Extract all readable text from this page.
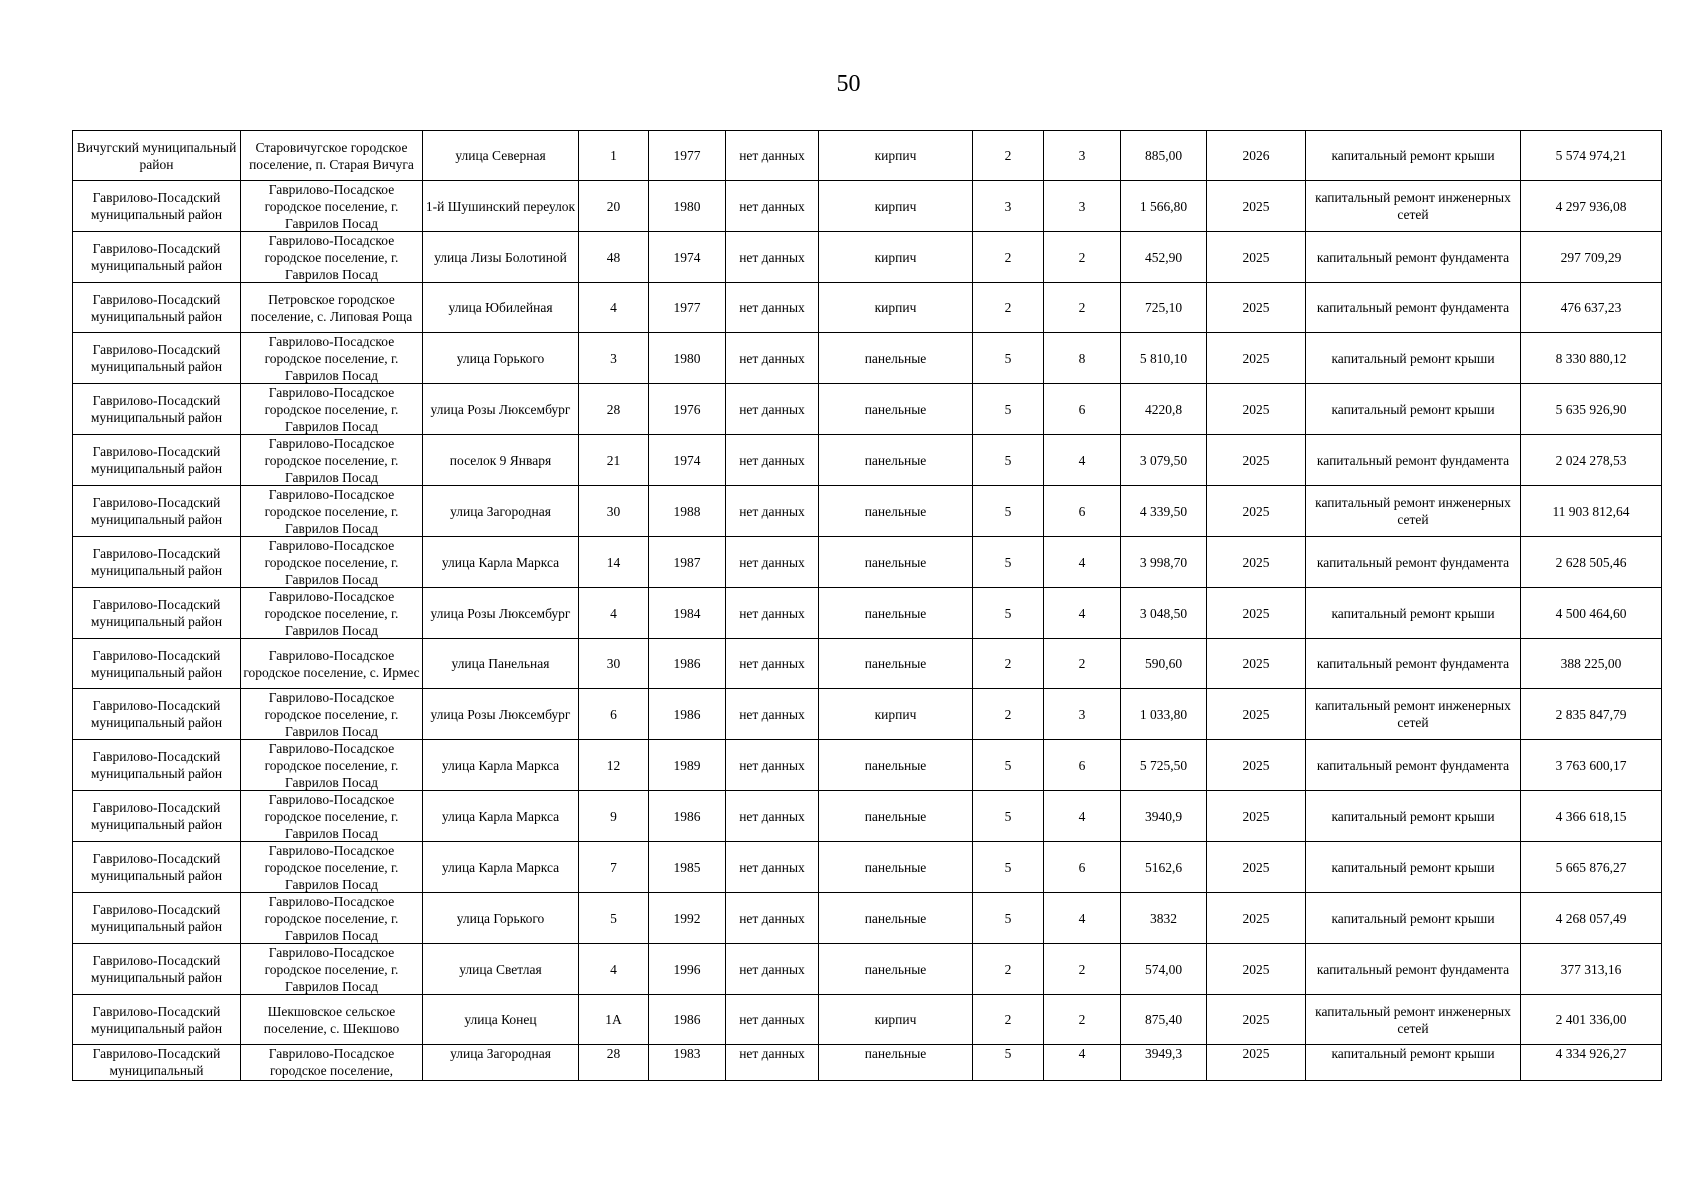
50
Вичугский муниципальный район	Старовичугское городское поселение, п. Старая Вичуга	улица Северная	1	1977	нет данных	кирпич	2	3	885,00	2026	капитальный ремонт крыши	5 574 974,21

Гаврилово-Посадский муниципальный район	Гаврилово-Посадское городское поселение, г. Гаврилов Посад	1-й Шушинский переулок	20	1980	нет данных	кирпич	3	3	1 566,80	2025	капитальный ремонт инженерных сетей	4 297 936,08

Гаврилово-Посадский муниципальный район	Гаврилово-Посадское городское поселение, г. Гаврилов Посад	улица Лизы Болотиной	48	1974	нет данных	кирпич	2	2	452,90	2025	капитальный ремонт фундамента	297 709,29

Гаврилово-Посадский муниципальный район	Петровское городское поселение, с. Липовая Роща	улица Юбилейная	4	1977	нет данных	кирпич	2	2	725,10	2025	капитальный ремонт фундамента	476 637,23

Гаврилово-Посадский муниципальный район	Гаврилово-Посадское городское поселение, г. Гаврилов Посад	улица Горького	3	1980	нет данных	панельные	5	8	5 810,10	2025	капитальный ремонт крыши	8 330 880,12

Гаврилово-Посадский муниципальный район	Гаврилово-Посадское городское поселение, г. Гаврилов Посад	улица Розы Люксембург	28	1976	нет данных	панельные	5	6	4220,8	2025	капитальный ремонт крыши	5 635 926,90

Гаврилово-Посадский муниципальный район	Гаврилово-Посадское городское поселение, г. Гаврилов Посад	поселок 9 Января	21	1974	нет данных	панельные	5	4	3 079,50	2025	капитальный ремонт фундамента	2 024 278,53

Гаврилово-Посадский муниципальный район	Гаврилово-Посадское городское поселение, г. Гаврилов Посад	улица Загородная	30	1988	нет данных	панельные	5	6	4 339,50	2025	капитальный ремонт инженерных сетей	11 903 812,64

Гаврилово-Посадский муниципальный район	Гаврилово-Посадское городское поселение, г. Гаврилов Посад	улица Карла Маркса	14	1987	нет данных	панельные	5	4	3 998,70	2025	капитальный ремонт фундамента	2 628 505,46

Гаврилово-Посадский муниципальный район	Гаврилово-Посадское городское поселение, г. Гаврилов Посад	улица Розы Люксембург	4	1984	нет данных	панельные	5	4	3 048,50	2025	капитальный ремонт крыши	4 500 464,60

Гаврилово-Посадский муниципальный район	Гаврилово-Посадское городское поселение, с. Ирмес	улица Панельная	30	1986	нет данных	панельные	2	2	590,60	2025	капитальный ремонт фундамента	388 225,00

Гаврилово-Посадский муниципальный район	Гаврилово-Посадское городское поселение, г. Гаврилов Посад	улица Розы Люксембург	6	1986	нет данных	кирпич	2	3	1 033,80	2025	капитальный ремонт инженерных сетей	2 835 847,79

Гаврилово-Посадский муниципальный район	Гаврилово-Посадское городское поселение, г. Гаврилов Посад	улица Карла Маркса	12	1989	нет данных	панельные	5	6	5 725,50	2025	капитальный ремонт фундамента	3 763 600,17

Гаврилово-Посадский муниципальный район	Гаврилово-Посадское городское поселение, г. Гаврилов Посад	улица Карла Маркса	9	1986	нет данных	панельные	5	4	3940,9	2025	капитальный ремонт крыши	4 366 618,15

Гаврилово-Посадский муниципальный район	Гаврилово-Посадское городское поселение, г. Гаврилов Посад	улица Карла Маркса	7	1985	нет данных	панельные	5	6	5162,6	2025	капитальный ремонт крыши	5 665 876,27

Гаврилово-Посадский муниципальный район	Гаврилово-Посадское городское поселение, г. Гаврилов Посад	улица Горького	5	1992	нет данных	панельные	5	4	3832	2025	капитальный ремонт крыши	4 268 057,49

Гаврилово-Посадский муниципальный район	Гаврилово-Посадское городское поселение, г. Гаврилов Посад	улица Светлая	4	1996	нет данных	панельные	2	2	574,00	2025	капитальный ремонт фундамента	377 313,16

Гаврилово-Посадский муниципальный район	Шекшовское сельское поселение, с. Шекшово	улица Конец	1А	1986	нет данных	кирпич	2	2	875,40	2025	капитальный ремонт инженерных сетей	2 401 336,00

Гаврилово-Посадский муниципальный	Гаврилово-Посадское городское поселение,	улица Загородная	28	1983	нет данных	панельные	5	4	3949,3	2025	капитальный ремонт крыши	4 334 926,27
